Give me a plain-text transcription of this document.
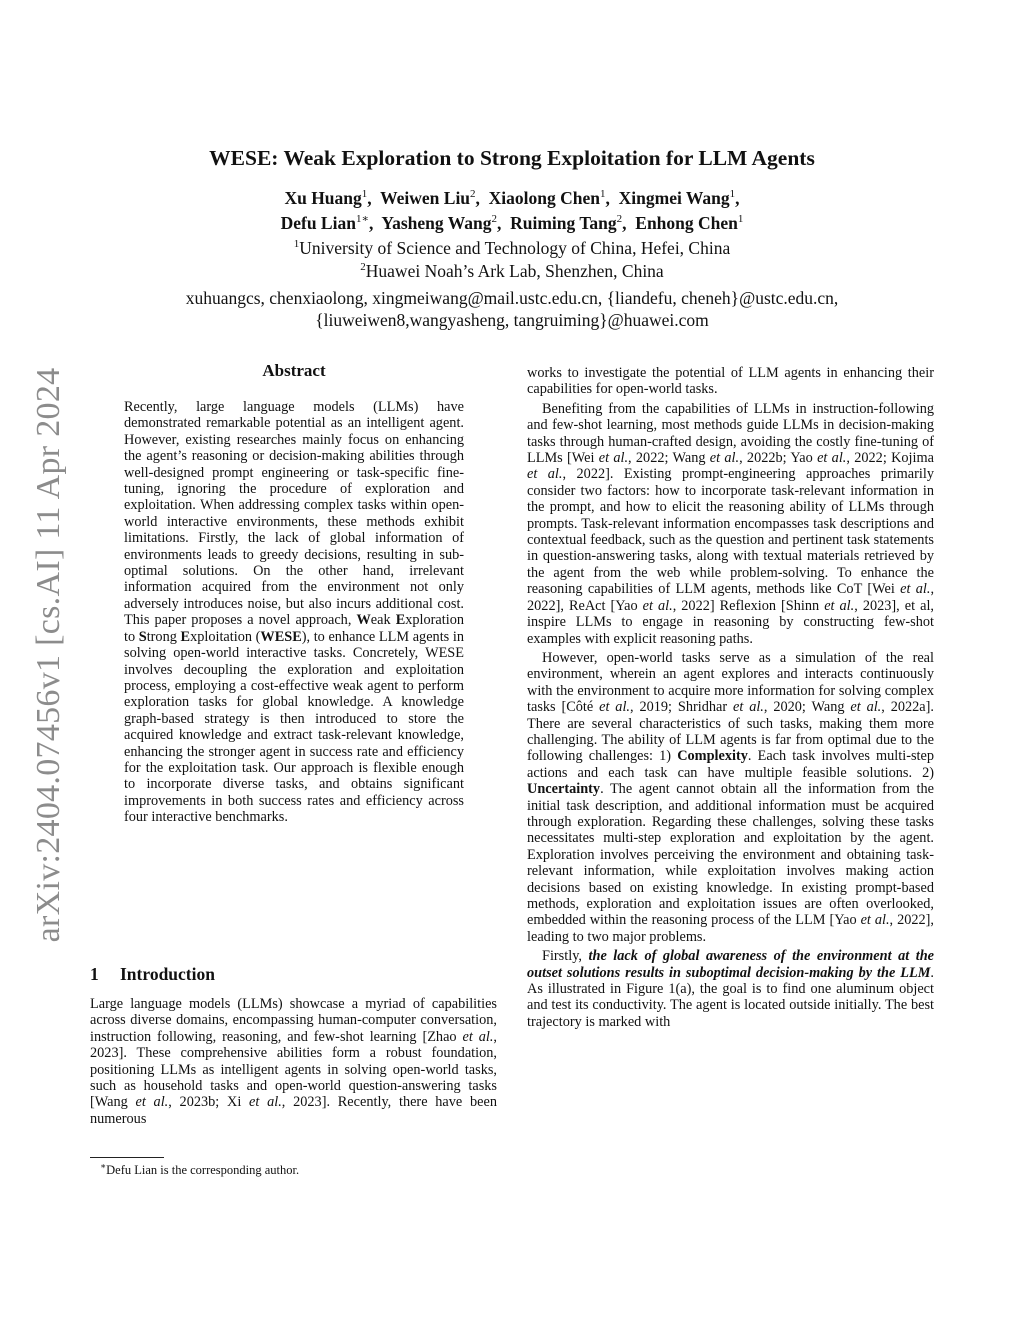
arXiv:2404.07456v1 [cs.AI] 11 Apr 2024
WESE: Weak Exploration to Strong Exploitation for LLM Agents
Xu Huang$^1$,  Weiwen Liu$^2$,  Xiaolong Chen$^1$,  Xingmei Wang$^1$,
Defu Lian$^{1∗}$,  Yasheng Wang$^2$,  Ruiming Tang$^2$,  Enhong Chen$^1$
$^1$University of Science and Technology of China, Hefei, China
$^2$Huawei Noah’s Ark Lab, Shenzhen, China
xuhuangcs, chenxiaolong, xingmeiwang@mail.ustc.edu.cn, {liandefu, cheneh}@ustc.edu.cn,
{liuweiwen8,wangyasheng, tangruiming}@huawei.com
Abstract

Recently, large language models (LLMs) have demonstrated remarkable potential as an intelligent agent. However, existing researches mainly focus on enhancing the agent’s reasoning or decision-making abilities through well-designed prompt engineering or task-specific fine-tuning, ignoring the procedure of exploration and exploitation. When addressing complex tasks within open-world interactive environments, these methods exhibit limitations. Firstly, the lack of global information of environments leads to greedy decisions, resulting in sub-optimal solutions. On the other hand, irrelevant information acquired from the environment not only adversely introduces noise, but also incurs additional cost. This paper proposes a novel approach, Weak Exploration to Strong Exploitation (WESE), to enhance LLM agents in solving open-world interactive tasks. Concretely, WESE involves decoupling the exploration and exploitation process, employing a cost-effective weak agent to perform exploration tasks for global knowledge. A knowledge graph-based strategy is then introduced to store the acquired knowledge and extract task-relevant knowledge, enhancing the stronger agent in success rate and efficiency for the exploitation task. Our approach is flexible enough to incorporate diverse tasks, and obtains significant improvements in both success rates and efficiency across four interactive benchmarks.

1 Introduction

Large language models (LLMs) showcase a myriad of capabilities across diverse domains, encompassing human-computer conversation, instruction following, reasoning, and few-shot learning [Zhao et al., 2023]. These comprehensive abilities form a robust foundation, positioning LLMs as intelligent agents in solving open-world tasks, such as household tasks and open-world question-answering tasks [Wang et al., 2023b; Xi et al., 2023]. Recently, there have been numerous

∗Defu Lian is the corresponding author.

works to investigate the potential of LLM agents in enhancing their capabilities for open-world tasks.

Benefiting from the capabilities of LLMs in instruction-following and few-shot learning, most methods guide LLMs in decision-making tasks through human-crafted design, avoiding the costly fine-tuning of LLMs [Wei et al., 2022; Wang et al., 2022b; Yao et al., 2022; Kojima et al., 2022]. Existing prompt-engineering approaches primarily consider two factors: how to incorporate task-relevant information in the prompt, and how to elicit the reasoning ability of LLMs through prompts. Task-relevant information encompasses task descriptions and contextual feedback, such as the question and pertinent task statements in question-answering tasks, along with textual materials retrieved by the agent from the web while problem-solving. To enhance the reasoning capabilities of LLM agents, methods like CoT [Wei et al., 2022], ReAct [Yao et al., 2022] Reflexion [Shinn et al., 2023], et al, inspire LLMs to engage in reasoning by constructing few-shot examples with explicit reasoning paths.

However, open-world tasks serve as a simulation of the real environment, wherein an agent explores and interacts continuously with the environment to acquire more information for solving complex tasks [Côté et al., 2019; Shridhar et al., 2020; Wang et al., 2022a]. There are several characteristics of such tasks, making them more challenging. The ability of LLM agents is far from optimal due to the following challenges: 1) Complexity. Each task involves multi-step actions and each task can have multiple feasible solutions. 2) Uncertainty. The agent cannot obtain all the information from the initial task description, and additional information must be acquired through exploration. Regarding these challenges, solving these tasks necessitates multi-step exploration and exploitation by the agent. Exploration involves perceiving the environment and obtaining task-relevant information, while exploitation involves making action decisions based on existing knowledge. In existing prompt-based methods, exploration and exploitation issues are often overlooked, embedded within the reasoning process of the LLM [Yao et al., 2022], leading to two major problems.

Firstly, the lack of global awareness of the environment at the outset solutions results in suboptimal decision-making by the LLM. As illustrated in Figure 1(a), the goal is to find one aluminum object and test its conductivity. The agent is located outside initially. The best trajectory is marked with
